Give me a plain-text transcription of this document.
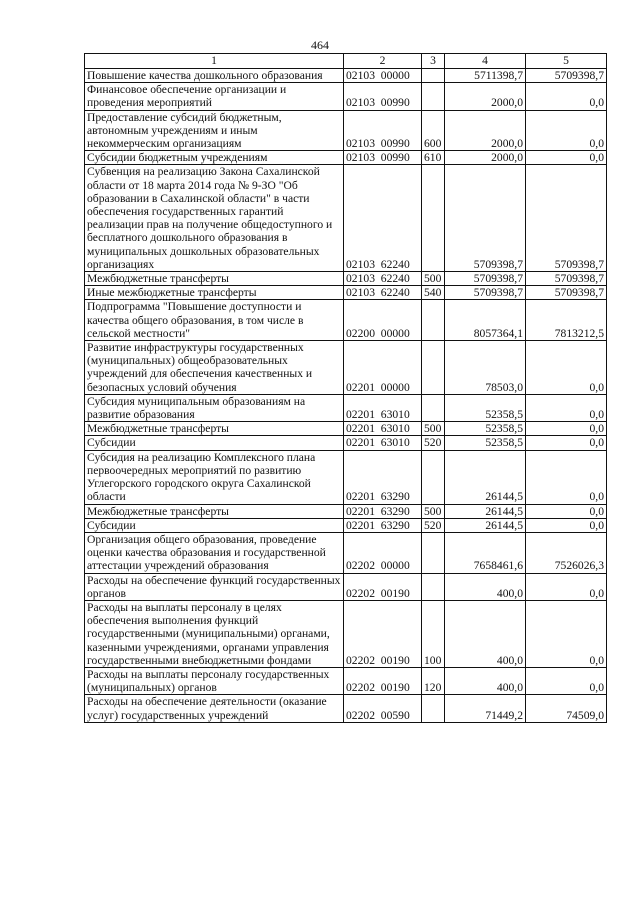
464
1	2	3	4	5
Повышение качества дошкольного образования	02103  00000		5711398,7	5709398,7
Финансовое обеспечение организации и проведения мероприятий	02103  00990		2000,0	0,0
Предоставление субсидий бюджетным, автономным учреждениям и иным некоммерческим организациям	02103  00990	600	2000,0	0,0
Субсидии бюджетным учреждениям	02103  00990	610	2000,0	0,0
Субвенция на реализацию Закона Сахалинской области от 18 марта 2014 года № 9-ЗО "Об образовании в Сахалинской области" в части обеспечения государственных гарантий реализации прав на получение общедоступного и бесплатного дошкольного образования в муниципальных дошкольных образовательных организациях	02103  62240		5709398,7	5709398,7
Межбюджетные трансферты	02103  62240	500	5709398,7	5709398,7
Иные межбюджетные трансферты	02103  62240	540	5709398,7	5709398,7
Подпрограмма "Повышение доступности и качества общего образования, в том числе в сельской местности"	02200  00000		8057364,1	7813212,5
Развитие инфраструктуры государственных (муниципальных) общеобразовательных учреждений для обеспечения качественных и безопасных условий обучения	02201  00000		78503,0	0,0
Субсидия муниципальным образованиям на развитие образования	02201  63010		52358,5	0,0
Межбюджетные трансферты	02201  63010	500	52358,5	0,0
Субсидии	02201  63010	520	52358,5	0,0
Субсидия на реализацию Комплексного плана первоочередных мероприятий по развитию Углегорского городского округа Сахалинской области	02201  63290		26144,5	0,0
Межбюджетные трансферты	02201  63290	500	26144,5	0,0
Субсидии	02201  63290	520	26144,5	0,0
Организация общего образования, проведение оценки качества образования и государственной аттестации учреждений образования	02202  00000		7658461,6	7526026,3
Расходы на обеспечение функций государственных органов	02202  00190		400,0	0,0
Расходы на выплаты персоналу в целях обеспечения выполнения функций государственными (муниципальными) органами, казенными учреждениями, органами управления государственными внебюджетными фондами	02202  00190	100	400,0	0,0
Расходы на выплаты персоналу государственных (муниципальных) органов	02202  00190	120	400,0	0,0
Расходы на обеспечение деятельности (оказание услуг) государственных учреждений	02202  00590		71449,2	74509,0
